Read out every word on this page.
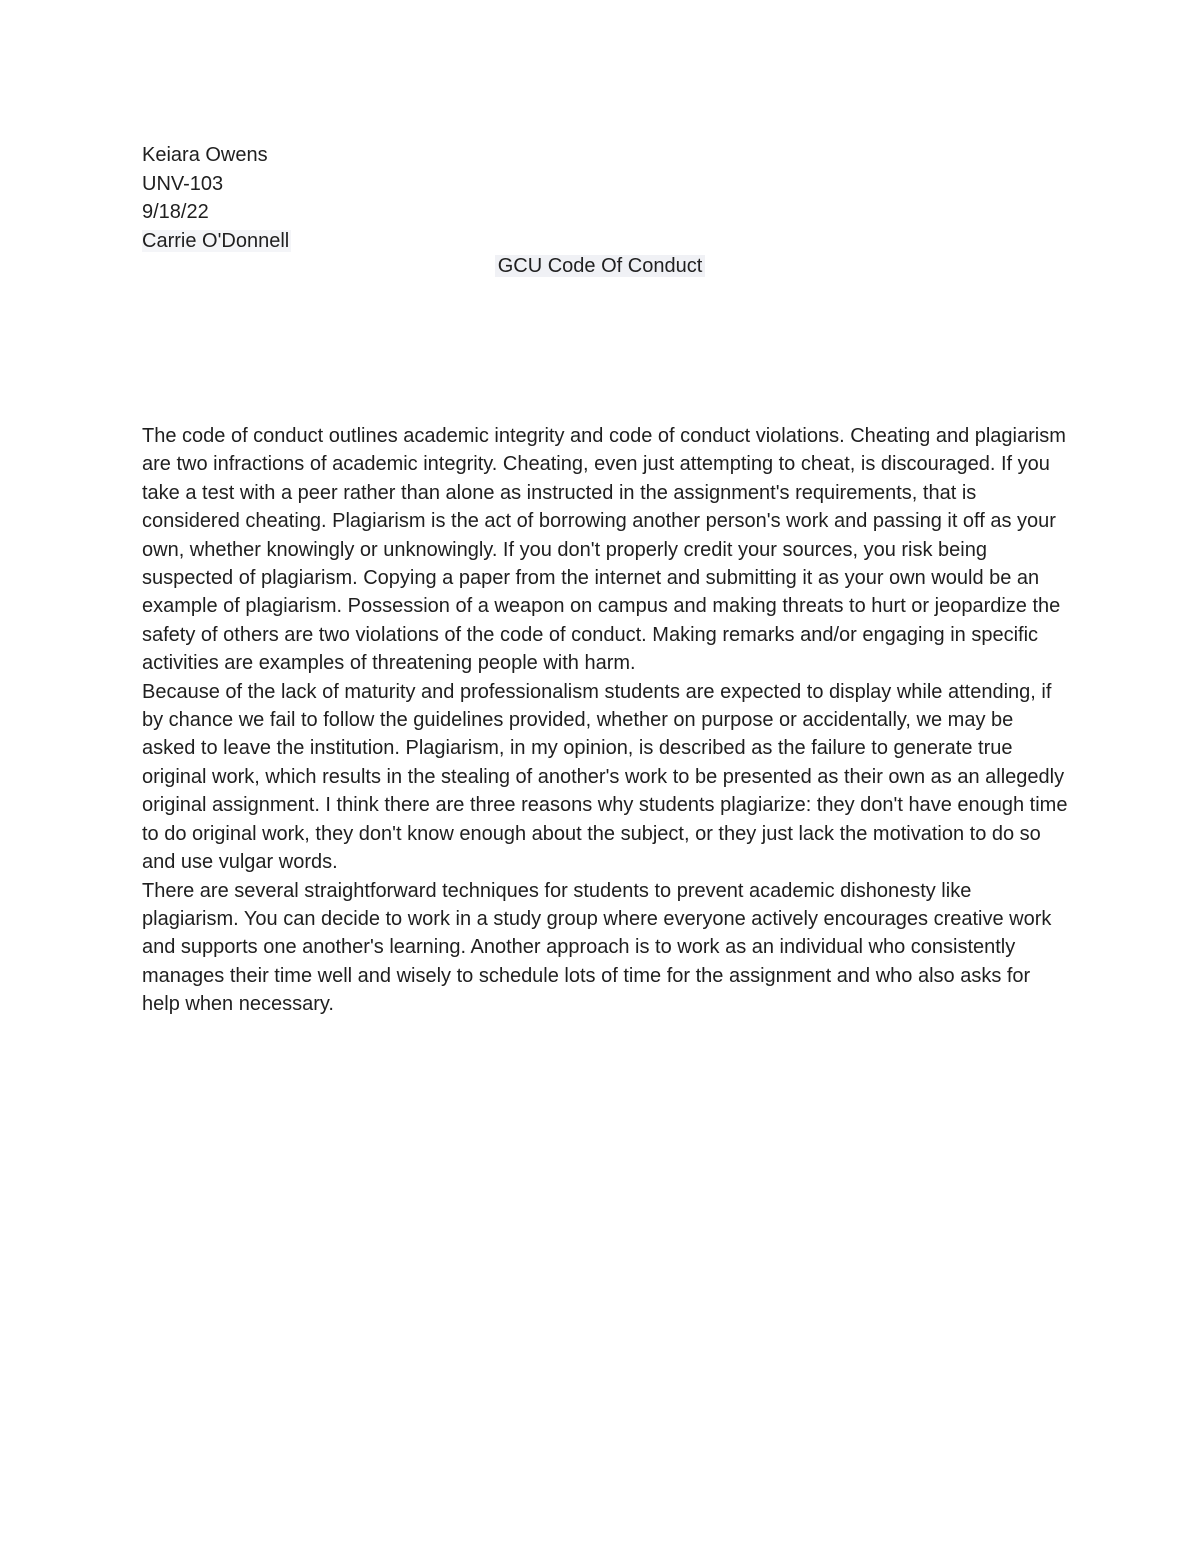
Keiara Owens
UNV-103
9/18/22
Carrie O'Donnell
GCU Code Of Conduct

The code of conduct outlines academic integrity and code of conduct violations. Cheating and plagiarism are two infractions of academic integrity. Cheating, even just attempting to cheat, is discouraged. If you take a test with a peer rather than alone as instructed in the assignment's requirements, that is considered cheating. Plagiarism is the act of borrowing another person's work and passing it off as your own, whether knowingly or unknowingly. If you don't properly credit your sources, you risk being suspected of plagiarism. Copying a paper from the internet and submitting it as your own would be an example of plagiarism. Possession of a weapon on campus and making threats to hurt or jeopardize the safety of others are two violations of the code of conduct. Making remarks and/or engaging in specific activities are examples of threatening people with harm.

Because of the lack of maturity and professionalism students are expected to display while attending, if by chance we fail to follow the guidelines provided, whether on purpose or accidentally, we may be asked to leave the institution. Plagiarism, in my opinion, is described as the failure to generate true original work, which results in the stealing of another's work to be presented as their own as an allegedly original assignment. I think there are three reasons why students plagiarize: they don't have enough time to do original work, they don't know enough about the subject, or they just lack the motivation to do so and use vulgar words.

There are several straightforward techniques for students to prevent academic dishonesty like plagiarism. You can decide to work in a study group where everyone actively encourages creative work and supports one another's learning. Another approach is to work as an individual who consistently manages their time well and wisely to schedule lots of time for the assignment and who also asks for help when necessary.
